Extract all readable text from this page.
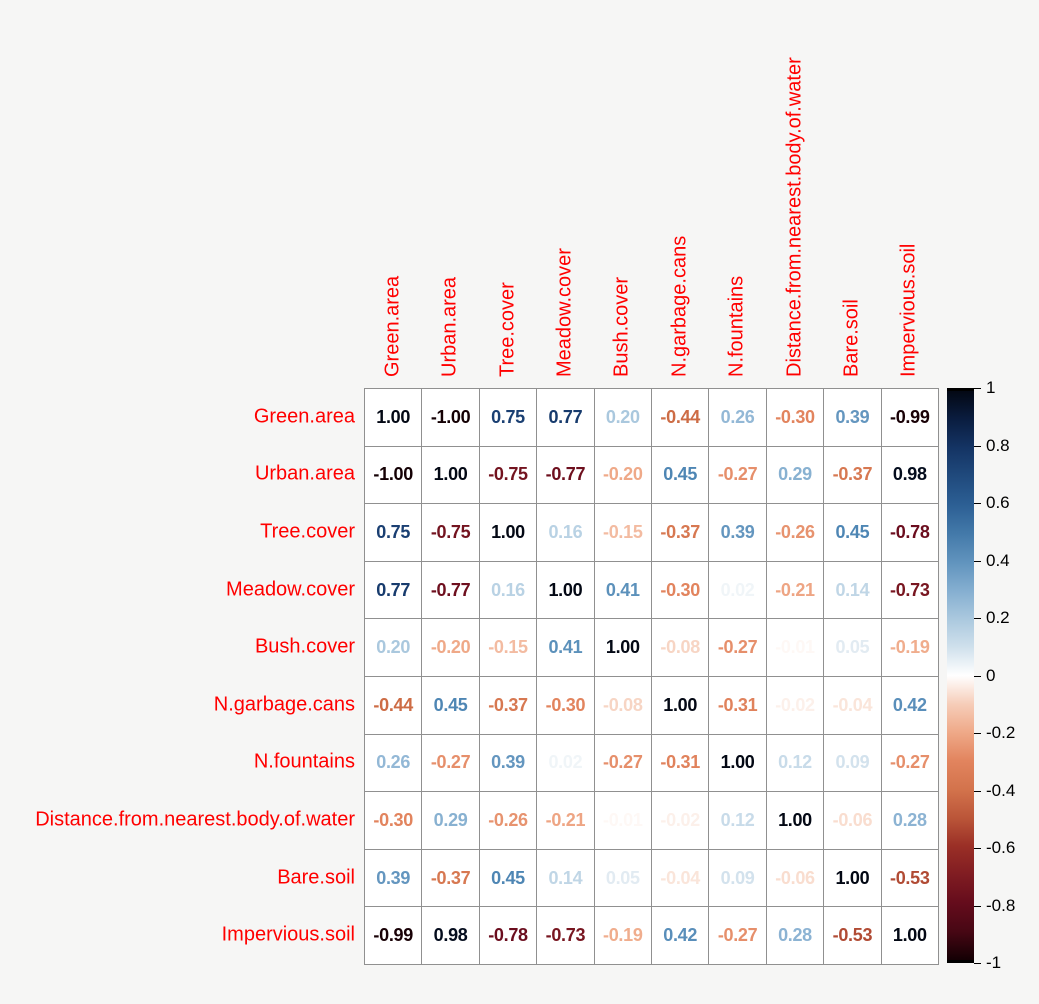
Green.area
Urban.area
Tree.cover
Meadow.cover
Bush.cover
N.garbage.cans
N.fountains
Distance.from.nearest.body.of.water
Bare.soil
Impervious.soil
Green.area Urban.area Tree.cover Meadow.cover Bush.cover N.garbage.cans N.fountains Distance.from.nearest.body.of.water Bare.soil Impervious.soil
1.00	-1.00	0.75	0.77	0.20	-0.44	0.26	-0.30	0.39	-0.99
-1.00	1.00	-0.75 -0.77 -0.20	0.45	-0.27	0.29	-0.37	0.98
0.75	-0.75	1.00	0.16	-0.15 -0.37	0.39	-0.26	0.45	-0.78
0.77	-0.77	0.16	1.00	0.41	-0.30	0.02	-0.21	0.14	-0.73
0.20	-0.20 -0.15	0.41	1.00	-0.08 -0.27 -0.01	0.05	-0.19
-0.44	0.45	-0.37 -0.30 -0.08	1.00	-0.31 -0.02 -0.04	0.42
0.26	-0.27	0.39	0.02	-0.27 -0.31	1.00	0.12	0.09	-0.27
-0.30	0.29	-0.26 -0.21 -0.01 -0.02	0.12	1.00	-0.06	0.28
0.39	-0.37	0.45	0.14	0.05	-0.04	0.09	-0.06	1.00	-0.53
-0.99	0.98	-0.78 -0.73 -0.19	0.42	-0.27	0.28	-0.53	1.00
1
0.8
0.6
0.4
0.2
0
-0.2
-0.4
-0.6
-0.8
-1
